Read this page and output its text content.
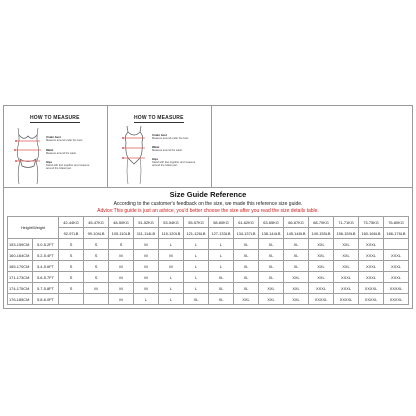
HOW TO MEASURE
Under bust
Measure around under the bust.
Waist
Measure around the waist.
Hips
Stand with feet together and measure
around the fullest part.
HOW TO MEASURE
Under bust
Measure around under the bust.
Waist
Measure around the waist.
Hips
Stand with feet together and measure
around the fullest part.
Size Guide Reference
According to the customer's feedback on the size, we made this reference size guide.
Advice:This guide is just an advice, you'd better choose the size after you read the size details table.
Height/Weight		42-44KG	45-47KG	48-50KG	51-52KG	53-54KG	55-57KG	58-60KG	61-62KG	63-65KG	66-67KG	68-70KG	71-71KG	73-75KG	76-80KG
		92-97LB	99-104LB	105-110LB	111-114LB	115-120LB	121-126LB	127-133LB	134-137LB	138-144LB	145-148LB	149-155LB	156-159LB	160-166LB	166-176LB
153-159CM	5.0-5.2FT	S	S	S	M	L	L	L	XL	XL	XL	XXL	XXL	XXXL	
160-164CM	5.2-5.4FT	S	S	M	M	M	L	L	XL	XL	XL	XXL	XXL	XXXL	XXXL
165-170CM	5.4-5.6FT	S	S	M	M	M	L	L	XL	XL	XL	XXL	XXL	XXXL	XXXL
171-173CM	5.6-5.7FT	S	S	M	M	L	L	XL	XL	XL	XXL	XXL	XXXL	XXXL	XXXL
174-175CM	5.7-5.8FT	S	M	M	M	L	L	XL	XL	XXL	XXL	XXXL	XXXL	XXXXL	XXXXL
176-185CM	5.8-6.0FT			M	L	L	XL	XL	XXL	XXL	XXL	XXXXL	XXXXL	XXXXL	XXXXL
